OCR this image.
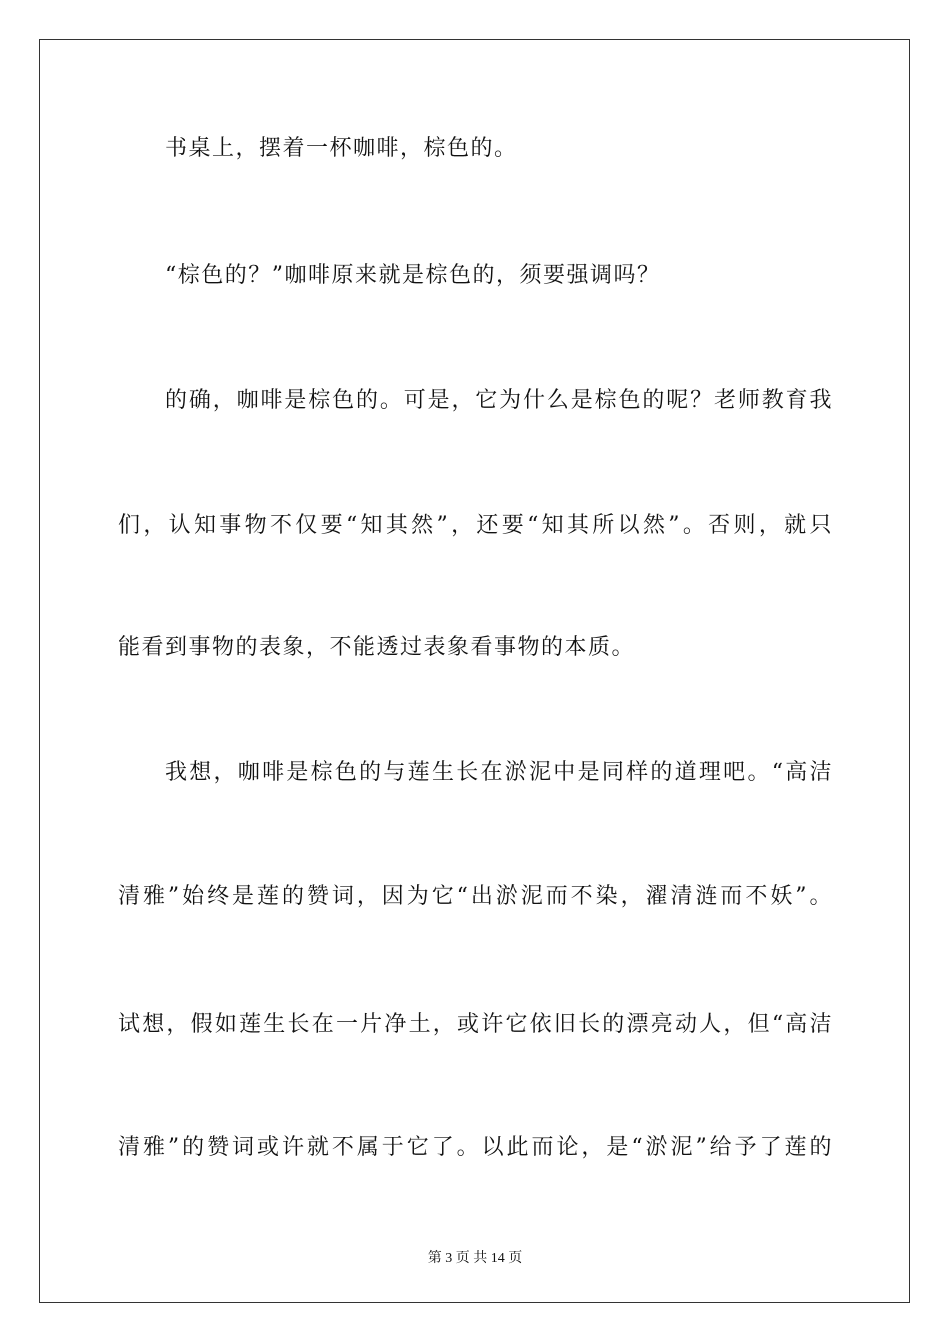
书桌上，摆着一杯咖啡，棕色的。
“棕色的？”咖啡原来就是棕色的，须要强调吗？
的确，咖啡是棕色的。可是，它为什么是棕色的呢？老师教育我
们，认知事物不仅要“知其然”，还要“知其所以然”。否则，就只
能看到事物的表象，不能透过表象看事物的本质。
我想，咖啡是棕色的与莲生长在淤泥中是同样的道理吧。“高洁
清雅”始终是莲的赞词，因为它“出淤泥而不染，濯清涟而不妖”。
试想，假如莲生长在一片净土，或许它依旧长的漂亮动人，但“高洁
清雅”的赞词或许就不属于它了。以此而论，是“淤泥”给予了莲的
第 3 页 共 14 页
